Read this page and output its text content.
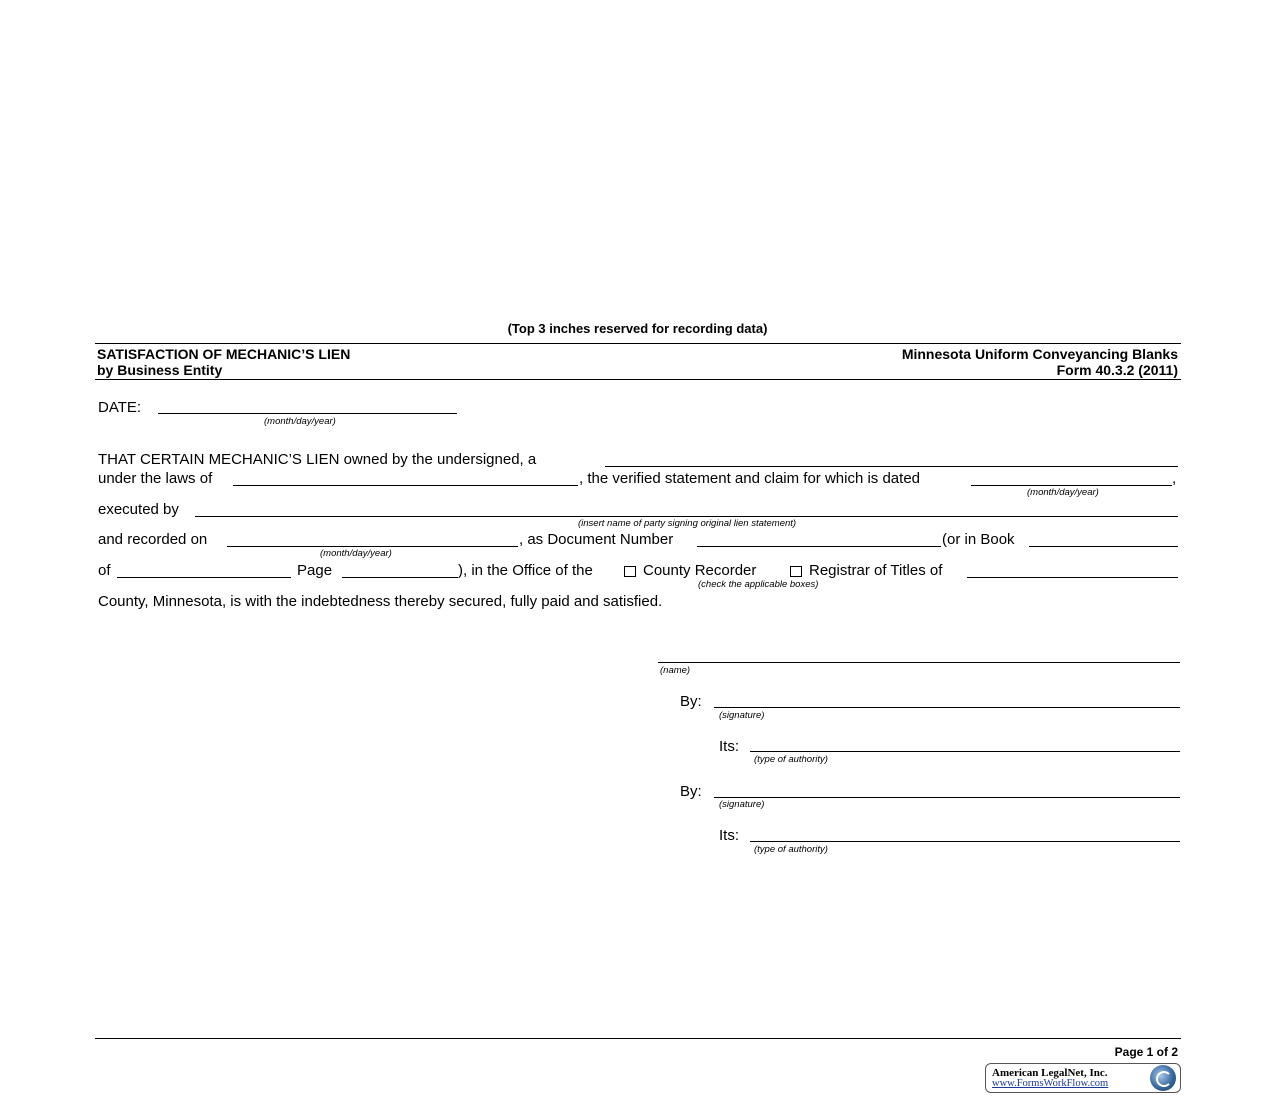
(Top 3 inches reserved for recording data)
SATISFACTION OF MECHANIC’S LIEN
by Business Entity
Minnesota Uniform Conveyancing Blanks
Form 40.3.2 (2011)
DATE:
(month/day/year)
THAT CERTAIN MECHANIC’S LIEN owned by the undersigned, a
under the laws of	, the verified statement and claim for which is dated	,
(month/day/year)
executed by
(insert name of party signing original lien statement)
and recorded on	, as Document Number	(or in Book
(month/day/year)
of	Page	), in the Office of the	County Recorder	Registrar of Titles of
(check the applicable boxes)
County, Minnesota, is with the indebtedness thereby secured, fully paid and satisfied.
(name)
By:
(signature)
Its:
(type of authority)
By:
(signature)
Its:
(type of authority)
Page 1 of 2
American LegalNet, Inc.
www.FormsWorkFlow.com
